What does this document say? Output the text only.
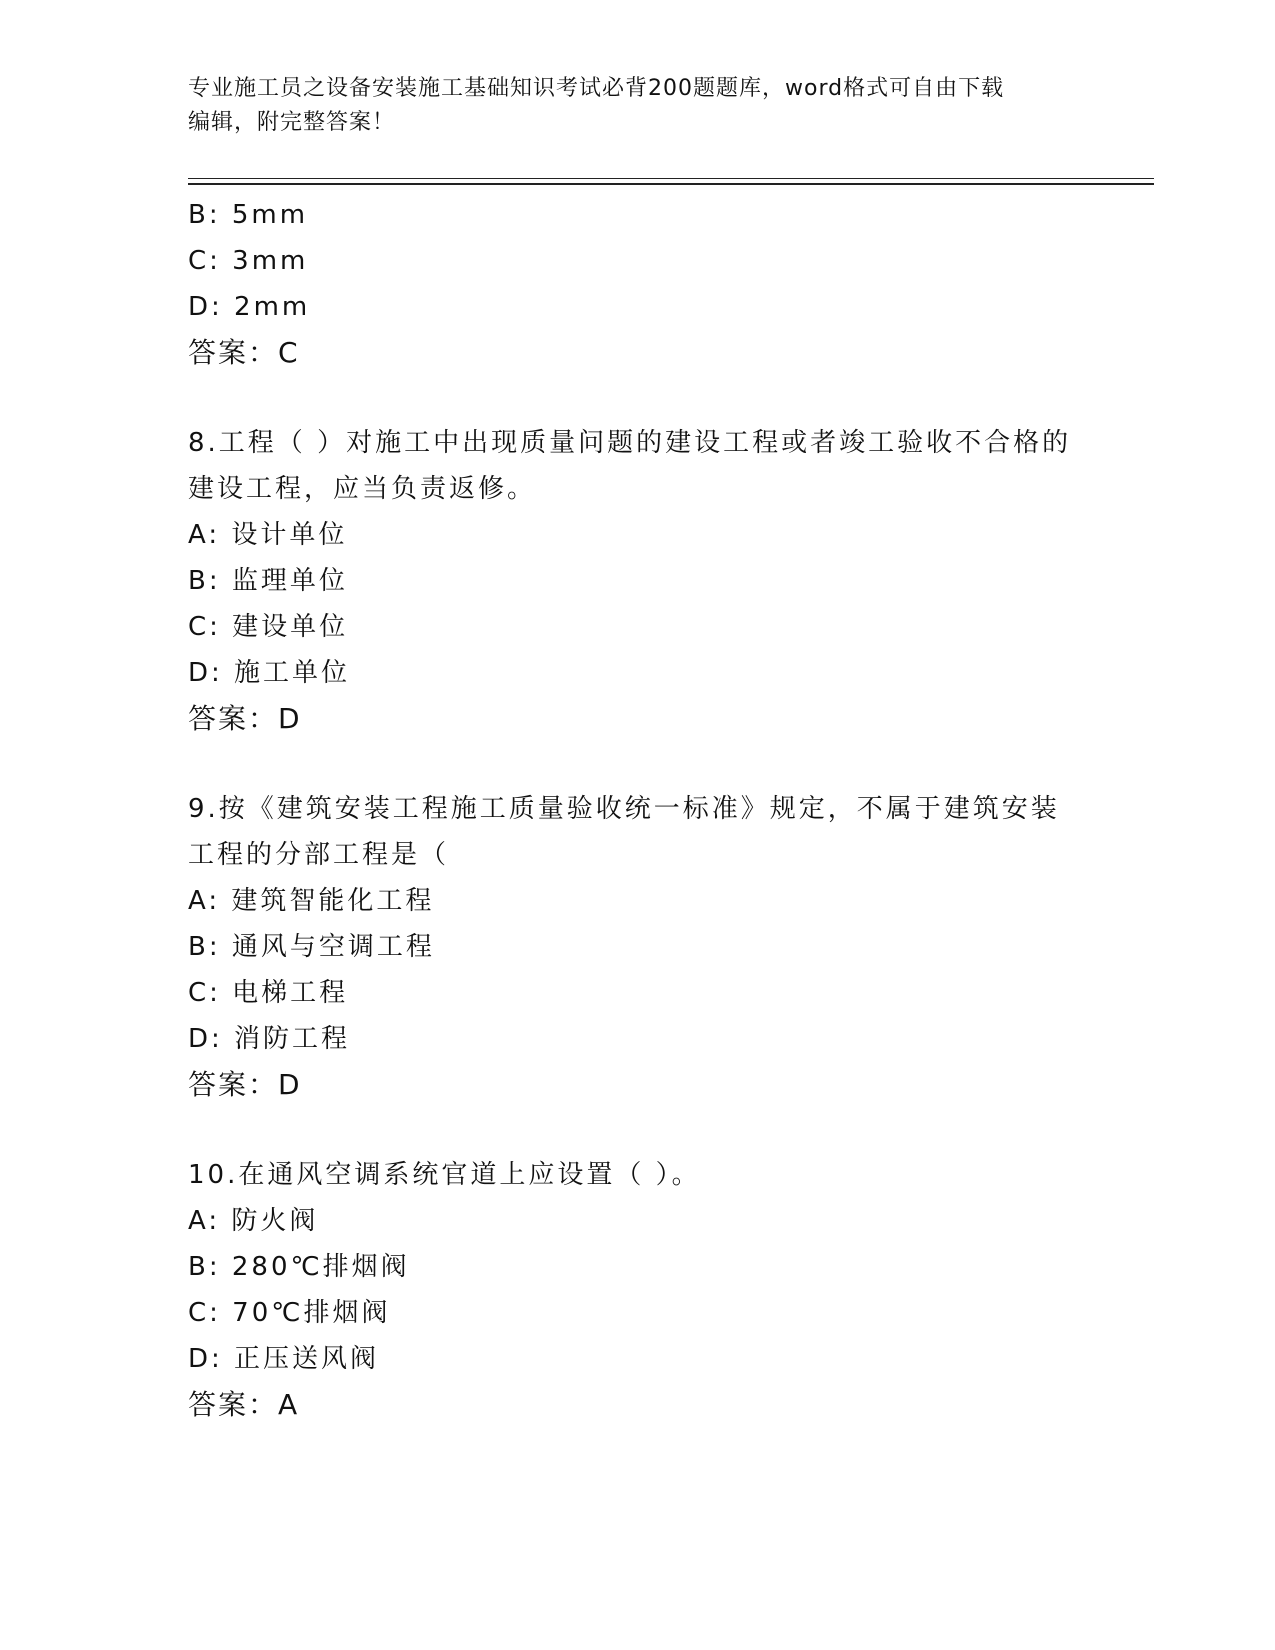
专业施工员之设备安装施工基础知识考试必背200题题库，word格式可自由下载
编辑，附完整答案！
B: 5mm
C: 3mm
D: 2mm
答案：C
8.工程（ ）对施工中出现质量问题的建设工程或者竣工验收不合格的
建设工程，应当负责返修。
A: 设计单位
B: 监理单位
C: 建设单位
D: 施工单位
答案：D
9.按《建筑安装工程施工质量验收统一标准》规定，不属于建筑安装
工程的分部工程是（
A: 建筑智能化工程
B: 通风与空调工程
C: 电梯工程
D: 消防工程
答案：D
10.在通风空调系统官道上应设置（ ）。
A: 防火阀
B: 280℃排烟阀
C: 70℃排烟阀
D: 正压送风阀
答案：A
